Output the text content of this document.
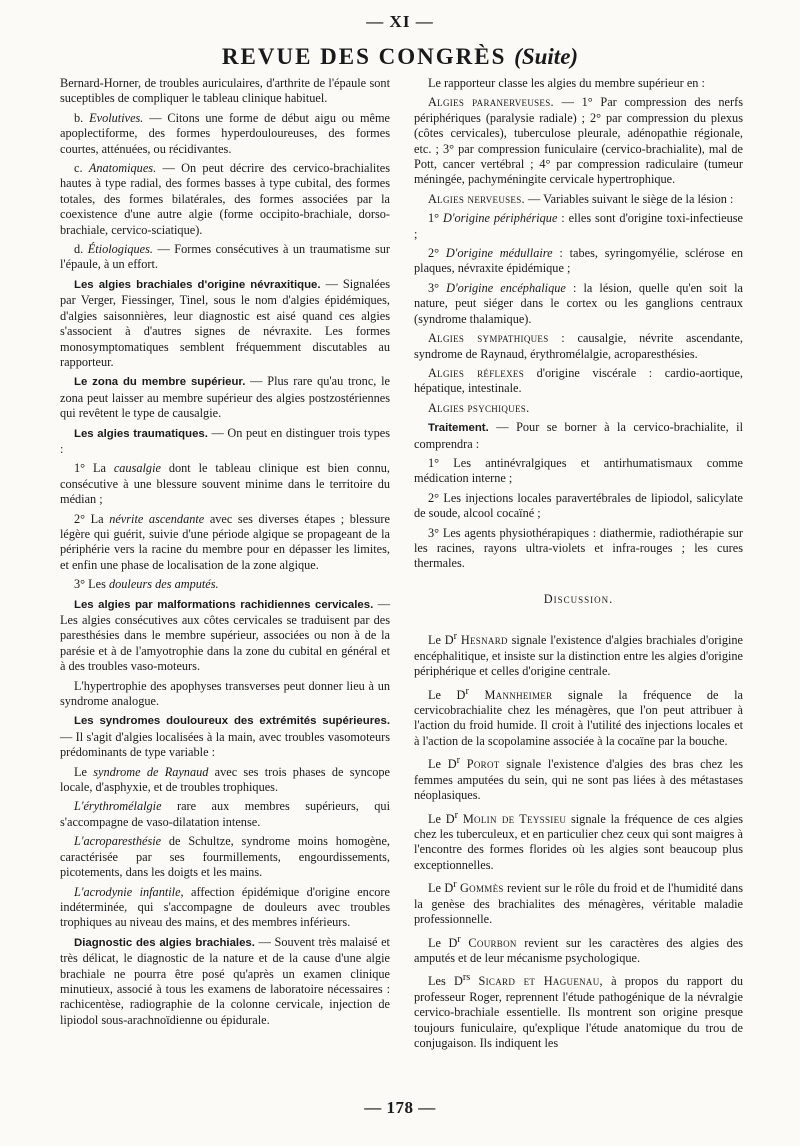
— XI —
REVUE DES CONGRÈS (Suite)

Bernard-Horner, de troubles auriculaires, d'arthrite de l'épaule sont suceptibles de compliquer le tableau clinique habituel.

b. Evolutives. — Citons une forme de début aigu ou même apoplectiforme, des formes hyperdouloureuses, des formes courtes, atténuées, ou récidivantes.

c. Anatomiques. — On peut décrire des cervico-brachialites hautes à type radial, des formes basses à type cubital, des formes totales, des formes bilatérales, des formes associées par la coexistence d'une autre algie (forme occipito-brachiale, dorso-brachiale, cervico-sciatique).

d. Étiologiques. — Formes consécutives à un traumatisme sur l'épaule, à un effort.

Les algies brachiales d'origine névraxitique. — Signalées par Verger, Fiessinger, Tinel, sous le nom d'algies épidémiques, d'algies saisonnières, leur diagnostic est aisé quand ces algies s'associent à d'autres signes de névraxite. Les formes monosymptomatiques semblent fréquemment discutables au rapporteur.

Le zona du membre supérieur. — Plus rare qu'au tronc, le zona peut laisser au membre supérieur des algies postzostériennes qui revêtent le type de causalgie.

Les algies traumatiques. — On peut en distinguer trois types :

1° La causalgie dont le tableau clinique est bien connu, consécutive à une blessure souvent minime dans le territoire du médian ;

2° La névrite ascendante avec ses diverses étapes ; blessure légère qui guérit, suivie d'une période algique se propageant de la périphérie vers la racine du membre pour en dépasser les limites, et enfin une phase de localisation de la zone algique.

3° Les douleurs des amputés.

Les algies par malformations rachidiennes cervicales. — Les algies consécutives aux côtes cervicales se traduisent par des paresthésies dans le membre supérieur, associées ou non à de la parésie et à de l'amyotrophie dans la zone du cubital en général et à des troubles vaso-moteurs.

L'hypertrophie des apophyses transverses peut donner lieu à un syndrome analogue.

Les syndromes douloureux des extrémités supérieures. — Il s'agit d'algies localisées à la main, avec troubles vasomoteurs prédominants de type variable :

Le syndrome de Raynaud avec ses trois phases de syncope locale, d'asphyxie, et de troubles trophiques.

L'érythromélalgie rare aux membres supérieurs, qui s'accompagne de vaso-dilatation intense.

L'acroparesthésie de Schultze, syndrome moins homogène, caractérisée par ses fourmillements, engourdissements, picotements, dans les doigts et les mains.

L'acrodynie infantile, affection épidémique d'origine encore indéterminée, qui s'accompagne de douleurs avec troubles trophiques au niveau des mains, et des membres inférieurs.

Diagnostic des algies brachiales. — Souvent très malaisé et très délicat, le diagnostic de la nature et de la cause d'une algie brachiale ne pourra être posé qu'après un examen clinique minutieux, associé à tous les examens de laboratoire nécessaires : rachicentèse, radiographie de la colonne cervicale, injection de lipiodol sous-arachnoïdienne ou épidurale.

Le rapporteur classe les algies du membre supérieur en :

Algies paranerveuses. — 1° Par compression des nerfs périphériques (paralysie radiale) ; 2° par compression du plexus (côtes cervicales), tuberculose pleurale, adénopathie régionale, etc. ; 3° par compression funiculaire (cervico-brachialite), mal de Pott, cancer vertébral ; 4° par compression radiculaire (tumeur méningée, pachyméningite cervicale hypertrophique.

Algies nerveuses. — Variables suivant le siège de la lésion :

1° D'origine périphérique : elles sont d'origine toxi-infectieuse ;

2° D'origine médullaire : tabes, syringomyélie, sclérose en plaques, névraxite épidémique ;

3° D'origine encéphalique : la lésion, quelle qu'en soit la nature, peut siéger dans le cortex ou les ganglions centraux (syndrome thalamique).

Algies sympathiques : causalgie, névrite ascendante, syndrome de Raynaud, érythromélalgie, acroparesthésies.

Algies réflexes d'origine viscérale : cardio-aortique, hépatique, intestinale.

Algies psychiques.

Traitement. — Pour se borner à la cervico-brachialite, il comprendra :

1° Les antinévralgiques et antirhumatismaux comme médication interne ;

2° Les injections locales paravertébrales de lipiodol, salicylate de soude, alcool cocaïné ;

3° Les agents physiothérapiques : diathermie, radiothérapie sur les racines, rayons ultra-violets et infra-rouges ; les cures thermales.

Discussion.

Le $D^r$ Hesnard signale l'existence d'algies brachiales d'origine encéphalitique, et insiste sur la distinction entre les algies d'origine périphérique et celles d'origine centrale.

Le $D^r$ Mannheimer signale la fréquence de la cervicobrachialite chez les ménagères, que l'on peut attribuer à l'action du froid humide. Il croit à l'utilité des injections locales et à l'action de la scopolamine associée à la cocaïne par la bouche.

Le $D^r$ Porot signale l'existence d'algies des bras chez les femmes amputées du sein, qui ne sont pas liées à des métastases néoplasiques.

Le $D^r$ Molin de Teyssieu signale la fréquence de ces algies chez les tuberculeux, et en particulier chez ceux qui sont maigres à l'encontre des formes florides où les algies sont beaucoup plus exceptionnelles.

Le $D^r$ Gommès revient sur le rôle du froid et de l'humidité dans la genèse des brachialites des ménagères, véritable maladie professionnelle.

Le $D^r$ Courbon revient sur les caractères des algies des amputés et de leur mécanisme psychologique.

Les $D^{rs}$ Sicard et Haguenau, à propos du rapport du professeur Roger, reprennent l'étude pathogénique de la névralgie cervico-brachiale essentielle. Ils montrent son origine presque toujours funiculaire, qu'explique l'étude anatomique du trou de conjugaison. Ils indiquent les

— 178 —
